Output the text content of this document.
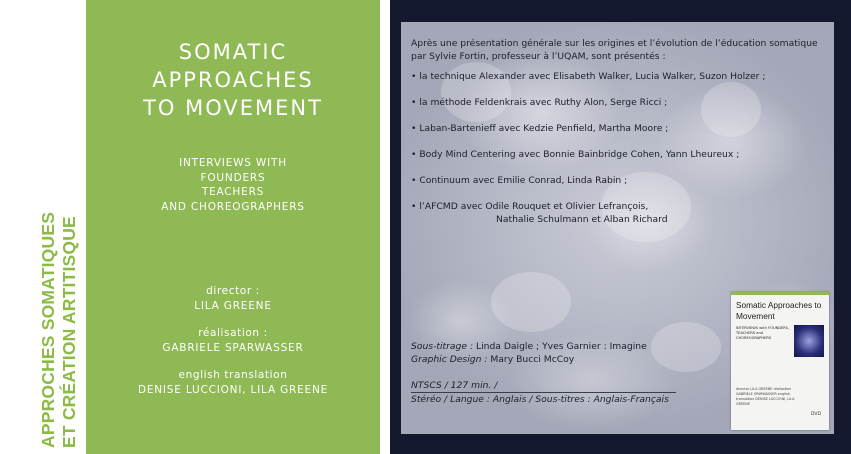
APPROCHES SOMATIQUES ET CRÉATION ARTITISQUE
SOMATIC
APPROACHES
TO MOVEMENT
INTERVIEWS WITH
FOUNDERS
TEACHERS
AND CHOREOGRAPHERS
director :
LILA GREENE
réalisation :
GABRIELE SPARWASSER
english translation
DENISE LUCCIONI, LILA GREENE

Après une présentation générale sur les origines et l’évolution de l’éducation somatique par Sylvie Fortin, professeur à l’UQAM, sont présentés :

• la technique Alexander avec Elisabeth Walker, Lucia Walker, Suzon Holzer ;
• la méthode Feldenkrais avec Ruthy Alon, Serge Ricci ;
• Laban-Bartenieff avec Kedzie Penfield, Martha Moore ;
• Body Mind Centering avec Bonnie Bainbridge Cohen, Yann Lheureux ;
• Continuum avec Emilie Conrad, Linda Rabin ;
• l’AFCMD avec Odile Rouquet et Olivier Lefrançois,
Nathalie Schulmann et Alban Richard
Sous-titrage : Linda Daigle ; Yves Garnier : Imagine
Graphic Design : Mary Bucci McCoy
NTSCS / 127 min. /
Stéréo / Langue : Anglais / Sous-titres : Anglais-Français
Somatic Approaches to Movement
INTERVIEWS with FOUNDERS, TEACHERS and CHOREOGRAPHERS
director LILA GREENE réalisation GABRIELE SPARWASSER english translation DENISE LUCCIONI, LILA GREENE
DVD
